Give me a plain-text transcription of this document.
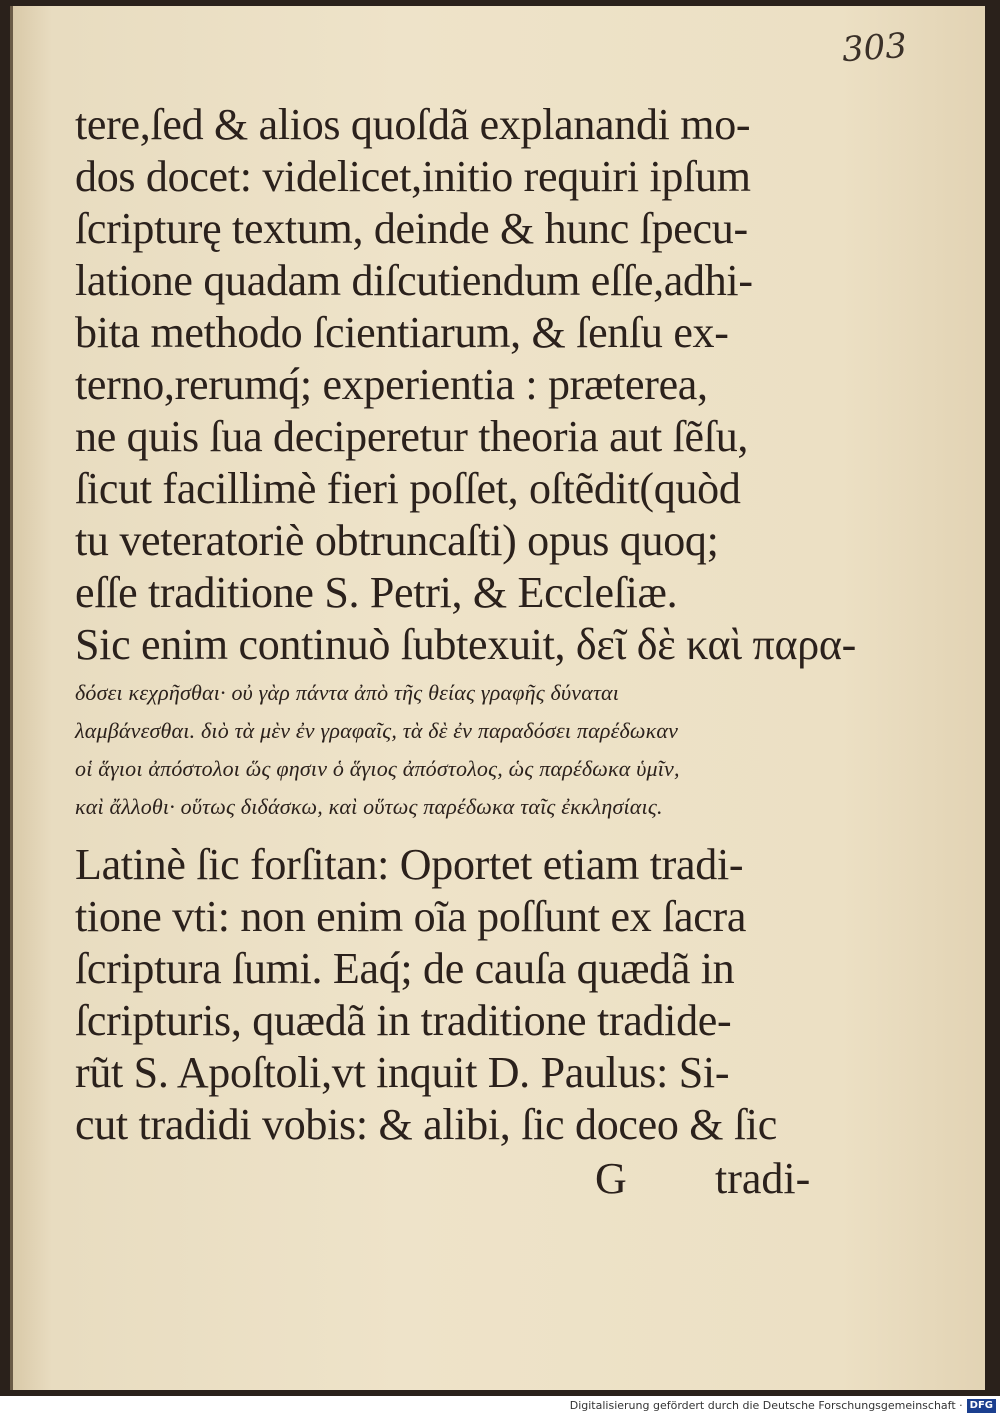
303
tere,ſed & alios quoſdã explanandi mo-
dos docet: videlicet,initio requiri ipſum
ſcripturę textum, deinde & hunc ſpecu-
latione quadam diſcutiendum eſſe,adhi-
bita methodo ſcientiarum, & ſenſu ex-
terno,rerumq́; experientia : præterea,
ne quis ſua deciperetur theoria aut ſẽſu,
ſicut facillimè fieri poſſet, oſtẽdit(quòd
tu veteratoriè obtruncaſti) opus quoq;
eſſe traditione S. Petri, & Eccleſiæ.
Sic enim continuò ſubtexuit, δεῖ δὲ καὶ παρα-
δόσει κεχρῆσθαι· οὐ γὰρ πάντα ἀπὸ τῆς θείας γραφῆς δύναται
λαμβάνεσθαι. διὸ τὰ μὲν ἐν γραφαῖς, τὰ δὲ ἐν παραδόσει παρέδωκαν
οἱ ἅγιοι ἀπόστολοι ὥς φησιν ὁ ἅγιος ἀπόστολος, ὡς παρέδωκα ὑμῖν,
καὶ ἄλλοθι· οὕτως διδάσκω, καὶ οὕτως παρέδωκα ταῖς ἐκκλησίαις.
Latinè ſic forſitan: Oportet etiam tradi-
tione vti: non enim oĩa poſſunt ex ſacra
ſcriptura ſumi. Eaq́; de cauſa quædã in
ſcripturis, quædã in traditione tradide-
rũt S. Apoſtoli,vt inquit D. Paulus: Si-
cut tradidi vobis: & alibi, ſic doceo & ſic
G tradi-
Digitalisierung gefördert durch die Deutsche Forschungsgemeinschaft · DFG
